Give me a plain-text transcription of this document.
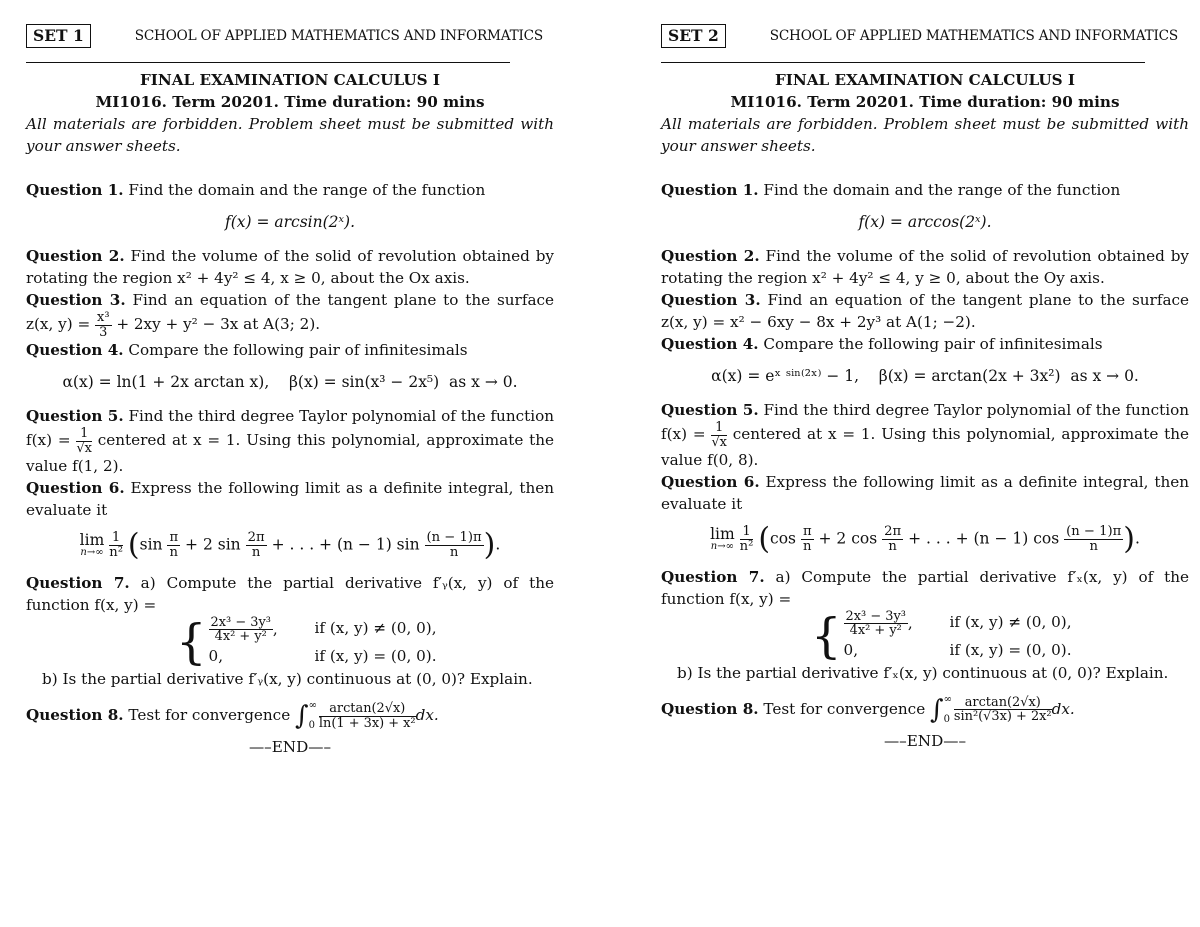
SET 1	SCHOOL OF APPLIED MATHEMATICS AND INFORMATICS

FINAL EXAMINATION CALCULUS I

MI1016. Term 20201. Time duration: 90 mins

All materials are forbidden. Problem sheet must be submitted with your answer sheets.

Question 1. Find the domain and the range of the function

f(x) = arcsin(2ˣ).

Question 2. Find the volume of the solid of revolution obtained by rotating the region x² + 4y² ≤ 4, x ≥ 0, about the Ox axis.

Question 3. Find an equation of the tangent plane to the surface z(x, $y) = \frac{\text{x³}}{3} + 2xy + y^2 - 3x$ at A(3; 2).

Question 4. Compare the following pair of infinitesimals

α(x) = ln(1 + 2x arctan x),    β(x) = sin(x³ − 2x⁵)  as x → 0.

Question 5. Find the third degree Taylor polynomial of the function $f(x) = \frac{1}{√x}$ centered at x = 1. Using this polynomial, approximate the value f(1, 2).

Question 6. Express the following limit as a definite integral, then evaluate it

lim
n→∞
$\frac{1}{\text{n²}} (\sin \frac{\pi}{n} + 2$ $\sin \frac{2\pi}{n}$ + . . . + (n − 1) $\sin \frac{(n - 1)\pi}{n}$ ).

Question 7. a) Compute the partial derivative f′ᵧ(x, y) of the function f(x, y) =

{ $\frac{\text{2x³ − 3y³}}{\text{4x² + y²}}$ ,	if (x, y) ≠ (0, 0),
0,	if (x, y) = (0, 0).

b) Is the partial derivative f′ᵧ(x, y) continuous at (0, 0)? Explain.

Question 8. Test for convergence ∫ ∞
$0 \frac{\arctan(2√x)}{\text{ln(1 + 3x) + x²}}$ dx.

—–END—–

SET 2	SCHOOL OF APPLIED MATHEMATICS AND INFORMATICS

FINAL EXAMINATION CALCULUS I

MI1016. Term 20201. Time duration: 90 mins

All materials are forbidden. Problem sheet must be submitted with your answer sheets.

Question 1. Find the domain and the range of the function

f(x) = arccos(2ˣ).

Question 2. Find the volume of the solid of revolution obtained by rotating the region x² + 4y² ≤ 4, y ≥ 0, about the Oy axis.

Question 3. Find an equation of the tangent plane to the surface z(x, y) = x² − 6xy − 8x + 2y³ at A(1; −2).

Question 4. Compare the following pair of infinitesimals

α(x) = eˣ ˢⁱⁿ⁽²ˣ⁾ − 1,    β(x) = arctan(2x + 3x²)  as x → 0.

Question 5. Find the third degree Taylor polynomial of the function $f(x) = \frac{1}{√x}$ centered at x = 1. Using this polynomial, approximate the value f(0, 8).

Question 6. Express the following limit as a definite integral, then evaluate it

lim
n→∞
$\frac{1}{\text{n²}} (\cos \frac{\pi}{n} + 2$ $\cos \frac{2\pi}{n}$ + . . . + (n − 1) $\cos \frac{(n - 1)\pi}{n}$ ).

Question 7. a) Compute the partial derivative f′ₓ(x, y) of the function f(x, y) =

{ $\frac{\text{2x³ − 3y³}}{\text{4x² + y²}}$ ,	if (x, y) ≠ (0, 0),
0,	if (x, y) = (0, 0).

b) Is the partial derivative f′ₓ(x, y) continuous at (0, 0)? Explain.

Question 8. Test for convergence ∫ ∞
$0 \frac{\arctan(2√x)}{\text{sin²(√3x) + 2x²}}$ dx.

—–END—–
